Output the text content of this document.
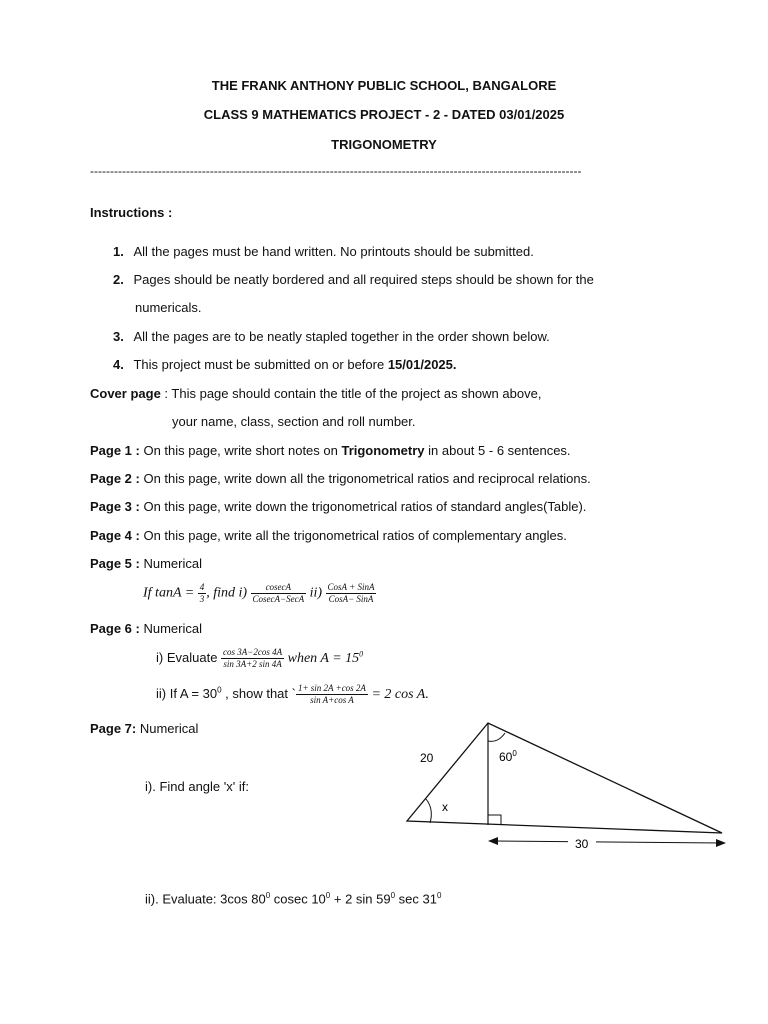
THE FRANK ANTHONY PUBLIC SCHOOL, BANGALORE
CLASS 9 MATHEMATICS PROJECT - 2 - DATED 03/01/2025
TRIGONOMETRY
---------------------------------------------------------------------------------------------------------------------------
Instructions :
1. All the pages must be hand written. No printouts should be submitted.
2. Pages should be neatly bordered and all required steps should be shown for the
numericals.
3. All the pages are to be neatly stapled together in the order shown below.
4. This project must be submitted on or before 15/01/2025.
Cover page : This page should contain the title of the project as shown above,
your name, class, section and roll number.
Page 1 : On this page, write short notes on Trigonometry in about 5 - 6 sentences.
Page 2 : On this page, write down all the trigonometrical ratios and reciprocal relations.
Page 3 : On this page, write down the trigonometrical ratios of standard angles(Table).
Page 4 : On this page, write all the trigonometrical ratios of complementary angles.
Page 5 : Numerical
If $\tan A = \frac{4}{3}$ , find $i) \frac{cosecA}{\text{CosecA−SecA}} ii) \frac{\text{CosA + SinA}}{\text{CosA− SinA}}$
Page 6 : Numerical
i) Evaluate $\frac{\cos 3A-2\cos 4A}{\sin 3A+2 \sin 4A}$ when $A = 15^0$
ii) If $A = 30^0$ , show that ` $\frac{1+ \sin 2A +\cos 2A}{\text{sin A+cos A}} = 2$ cos A.
Page 7: Numerical
i). Find angle 'x' if:
20	$60^0$
x
30
ii). Evaluate: 3cos $80^0$ cosec $10^0 + 2$ $\sin 59^0$ $\sec 31^0$
